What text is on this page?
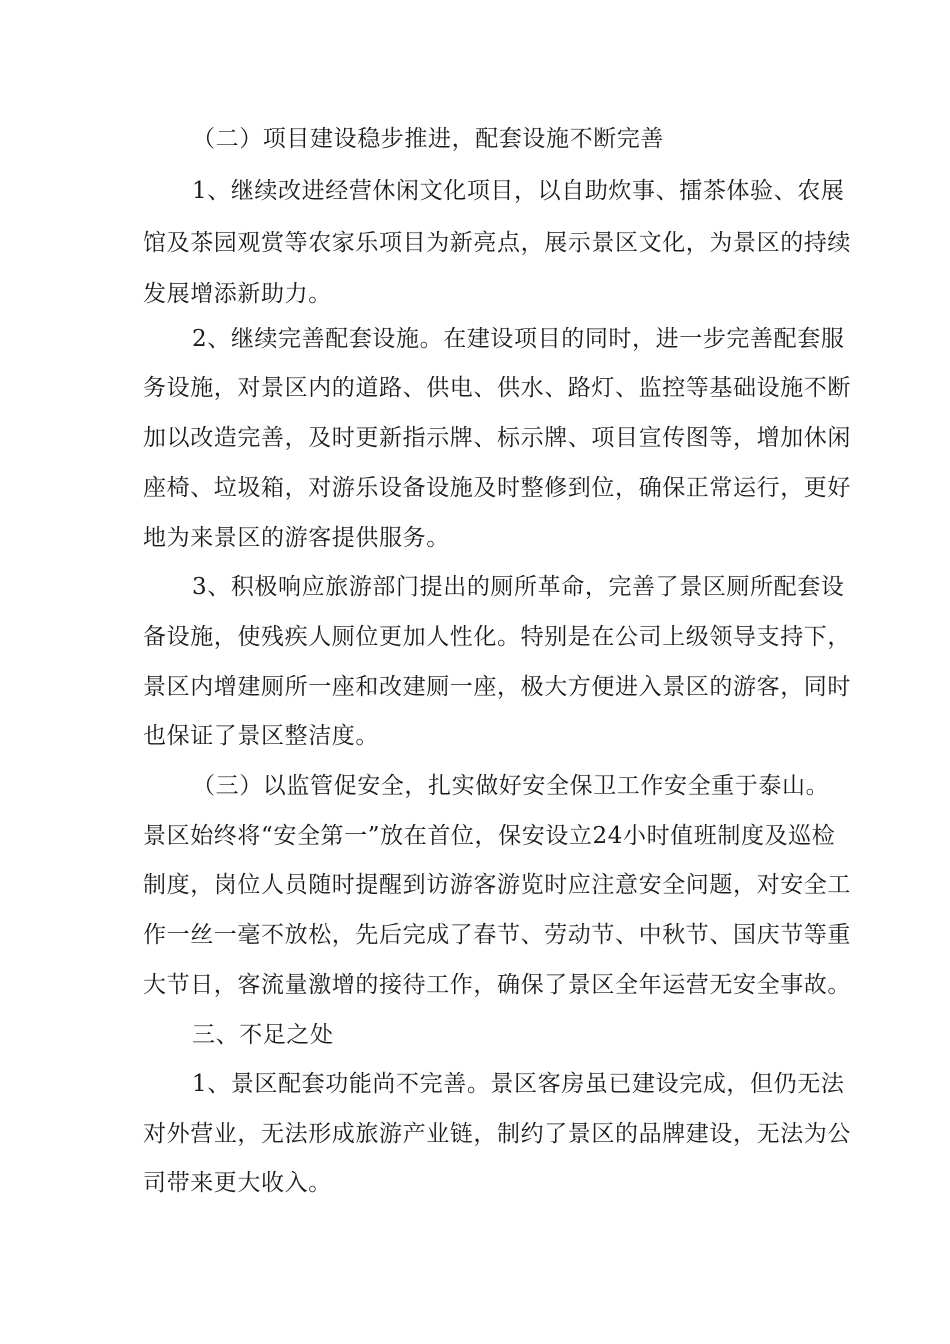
（二）项目建设稳步推进，配套设施不断完善

1、继续改进经营休闲文化项目，以自助炊事、擂茶体验、农展

馆及茶园观赏等农家乐项目为新亮点，展示景区文化，为景区的持续

发展增添新助力。

2、继续完善配套设施。在建设项目的同时，进一步完善配套服

务设施，对景区内的道路、供电、供水、路灯、监控等基础设施不断

加以改造完善，及时更新指示牌、标示牌、项目宣传图等，增加休闲

座椅、垃圾箱，对游乐设备设施及时整修到位，确保正常运行，更好

地为来景区的游客提供服务。

3、积极响应旅游部门提出的厕所革命，完善了景区厕所配套设

备设施，使残疾人厕位更加人性化。特别是在公司上级领导支持下，

景区内增建厕所一座和改建厕一座，极大方便进入景区的游客，同时

也保证了景区整洁度。

（三）以监管促安全，扎实做好安全保卫工作安全重于泰山。

景区始终将“安全第一”放在首位，保安设立24小时值班制度及巡检

制度，岗位人员随时提醒到访游客游览时应注意安全问题，对安全工

作一丝一毫不放松，先后完成了春节、劳动节、中秋节、国庆节等重

大节日，客流量激增的接待工作，确保了景区全年运营无安全事故。

三、不足之处

1、景区配套功能尚不完善。景区客房虽已建设完成，但仍无法

对外营业，无法形成旅游产业链，制约了景区的品牌建设，无法为公

司带来更大收入。
